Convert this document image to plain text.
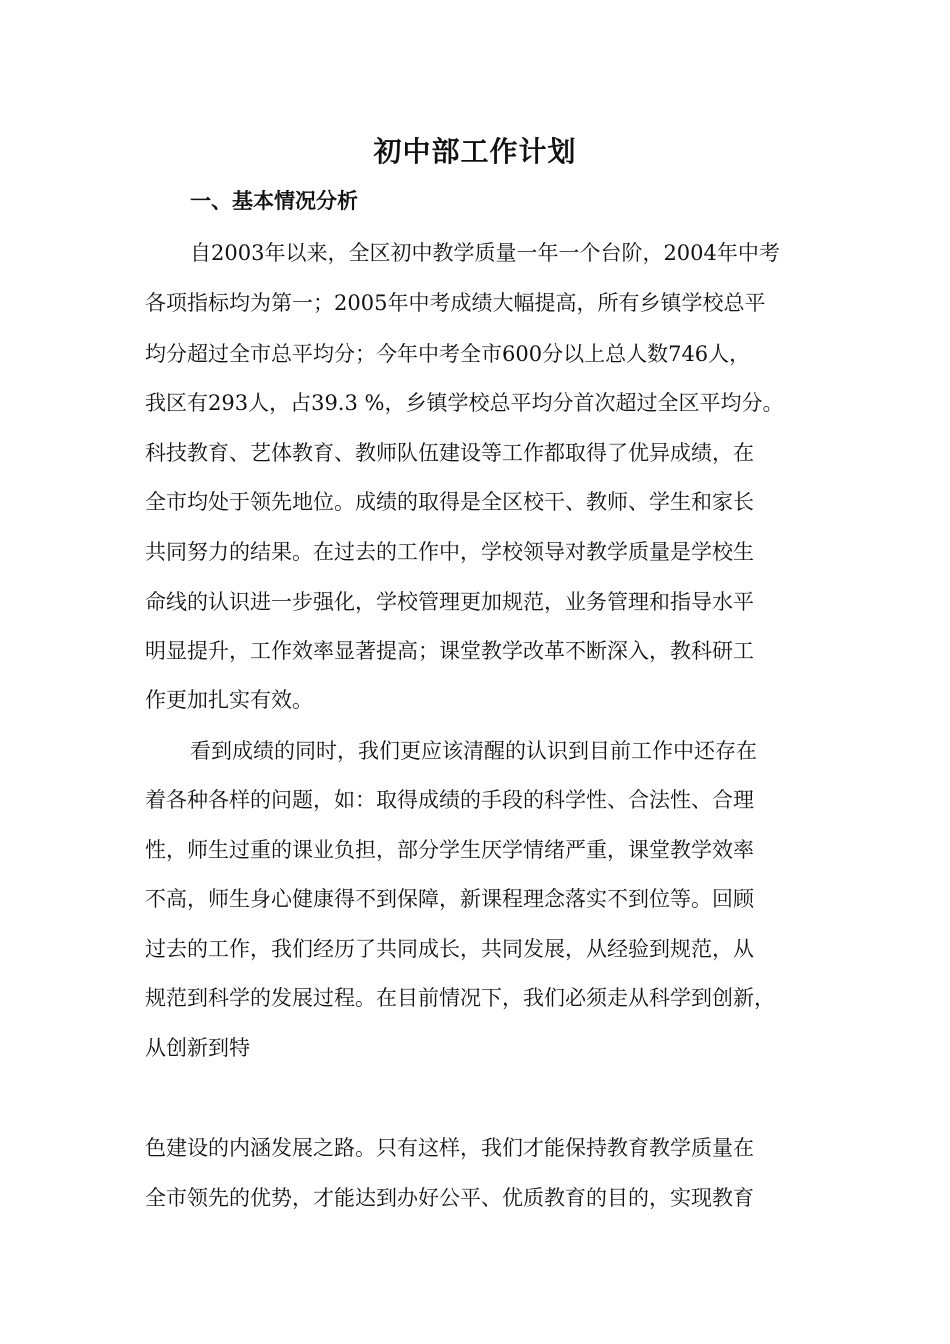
初中部工作计划
一、基本情况分析
自2003年以来，全区初中教学质量一年一个台阶，2004年中考
各项指标均为第一；2005年中考成绩大幅提高，所有乡镇学校总平
均分超过全市总平均分；今年中考全市600分以上总人数746人，
我区有293人，占39.3 %，乡镇学校总平均分首次超过全区平均分。
科技教育、艺体教育、教师队伍建设等工作都取得了优异成绩，在
全市均处于领先地位。成绩的取得是全区校干、教师、学生和家长
共同努力的结果。在过去的工作中，学校领导对教学质量是学校生
命线的认识进一步强化，学校管理更加规范，业务管理和指导水平
明显提升，工作效率显著提高；课堂教学改革不断深入，教科研工
作更加扎实有效。
看到成绩的同时，我们更应该清醒的认识到目前工作中还存在
着各种各样的问题，如：取得成绩的手段的科学性、合法性、合理
性，师生过重的课业负担，部分学生厌学情绪严重，课堂教学效率
不高，师生身心健康得不到保障，新课程理念落实不到位等。回顾
过去的工作，我们经历了共同成长，共同发展，从经验到规范，从
规范到科学的发展过程。在目前情况下，我们必须走从科学到创新，
从创新到特
色建设的内涵发展之路。只有这样，我们才能保持教育教学质量在
全市领先的优势，才能达到办好公平、优质教育的目的，实现教育
